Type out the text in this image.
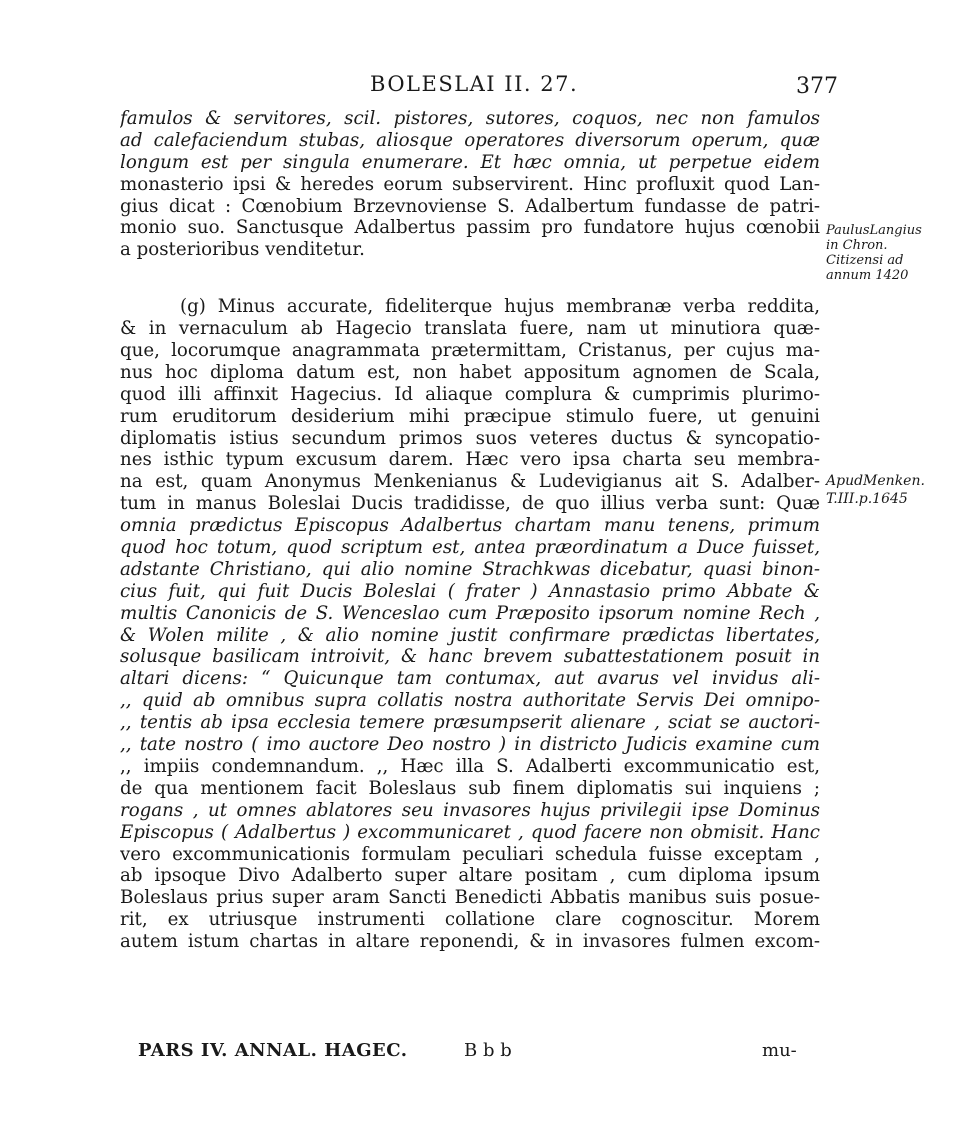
BOLESLAI II. 27.	377
famulos & servitores, scil. pistores, sutores, coquos, nec non famulos
ad calefaciendum stubas, aliosque operatores diversorum operum, quæ
longum est per singula enumerare. Et hæc omnia, ut perpetue eidem
monasterio ipsi & heredes eorum subservirent. Hinc profluxit quod Lan-
gius dicat : Cœnobium Brzevnoviense S. Adalbertum fundasse de patri-
monio suo. Sanctusque Adalbertus passim pro fundatore hujus cœnobii
a posterioribus venditetur.
(g) Minus accurate, fideliterque hujus membranæ verba reddita,
& in vernaculum ab Hagecio translata fuere, nam ut minutiora quæ-
que, locorumque anagrammata prætermittam, Cristanus, per cujus ma-
nus hoc diploma datum est, non habet appositum agnomen de Scala,
quod illi affinxit Hagecius. Id aliaque complura & cumprimis plurimo-
rum eruditorum desiderium mihi præcipue stimulo fuere, ut genuini
diplomatis istius secundum primos suos veteres ductus & syncopatio-
nes isthic typum excusum darem. Hæc vero ipsa charta seu membra-
na est, quam Anonymus Menkenianus & Ludevigianus ait S. Adalber-
tum in manus Boleslai Ducis tradidisse, de quo illius verba sunt: Quæ
omnia prædictus Episcopus Adalbertus chartam manu tenens, primum
quod hoc totum, quod scriptum est, antea præordinatum a Duce fuisset,
adstante Christiano, qui alio nomine Strachkwas dicebatur, quasi binon-
cius fuit, qui fuit Ducis Boleslai ( frater ) Annastasio primo Abbate &
multis Canonicis de S. Wenceslao cum Præposito ipsorum nomine Rech ,
& Wolen milite , & alio nomine justit confirmare prædictas libertates,
solusque basilicam introivit, & hanc brevem subattestationem posuit in
altari dicens: “ Quicunque tam contumax, aut avarus vel invidus ali-
,, quid ab omnibus supra collatis nostra authoritate Servis Dei omnipo-
,, tentis ab ipsa ecclesia temere præsumpserit alienare , sciat se auctori-
,, tate nostro ( imo auctore Deo nostro ) in districto Judicis examine cum
,, impiis condemnandum. ,, Hæc illa S. Adalberti excommunicatio est,
de qua mentionem facit Boleslaus sub finem diplomatis sui inquiens ;
rogans , ut omnes ablatores seu invasores hujus privilegii ipse Dominus
Episcopus ( Adalbertus ) excommunicaret , quod facere non obmisit. Hanc
vero excommunicationis formulam peculiari schedula fuisse exceptam ,
ab ipsoque Divo Adalberto super altare positam , cum diploma ipsum
Boleslaus prius super aram Sancti Benedicti Abbatis manibus suis posue-
rit, ex utriusque instrumenti collatione clare cognoscitur. Morem
autem istum chartas in altare reponendi, & in invasores fulmen excom-
PaulusLangius in Chron. Citizensi ad annum 1420
ApudMenken. T.III.p.1645
PARS IV. ANNAL. HAGEC.	B b b	mu-
